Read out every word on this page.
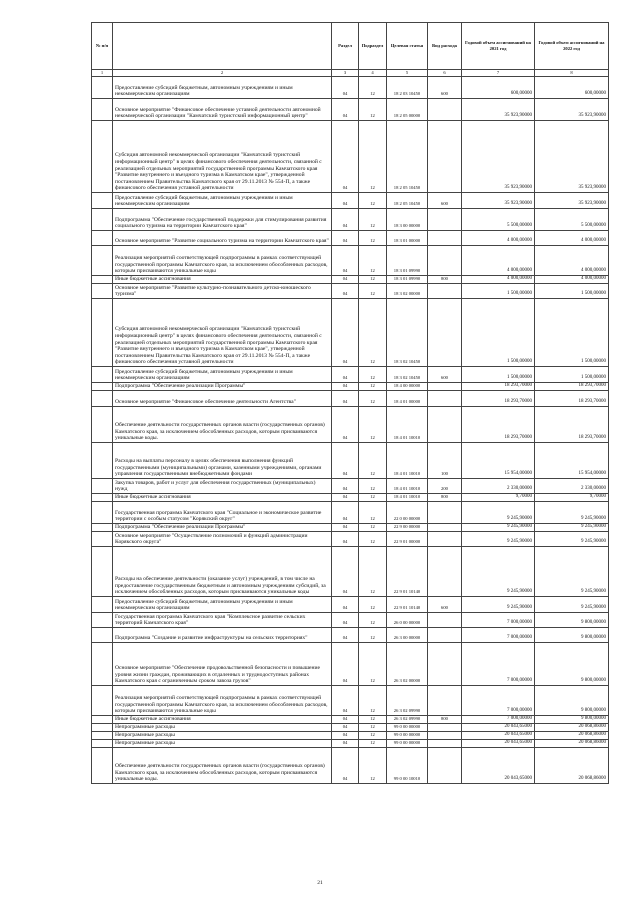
№ п/п		Раздел	Подраздел	Целевая статья	Вид расхода	Годовой объем ассигнований на 2021 год	Годовой объем ассигнований на 2022 год
1	2	3	4	5	6	7	8
	Предоставление субсидий бюджетным, автономным учреждениям и иным некоммерческим организациям	04	12	18 2 03 10450	600	600,00000	600,00000
	Основное мероприятие "Финансовое обеспечение уставной деятельности автономной некоммерческой организации "Камчатский туристский информационный центр"	04	12	18 2 05 00000		35 923,90000	35 923,90000
	Субсидия автономной некоммерческой организации "Камчатский туристский информационный центр" в целях финансового обеспечения деятельности, связанной с реализацией отдельных мероприятий государственной программы Камчатского края "Развитие внутреннего и въездного туризма в Камчатском крае", утвержденной постановлением Правительства Камчатского края от 29.11.2013 № 554-П, а также финансового обеспечения уставной деятельности	04	12	18 2 05 10450		35 923,90000	35 923,90000
	Предоставление субсидий бюджетным, автономным учреждениям и иным некоммерческим организациям	04	12	18 2 05 10450	600	35 923,90000	35 923,90000
	Подпрограмма "Обеспечение государственной поддержки для стимулирования развития социального туризма на территории Камчатского края"	04	12	18 3 00 00000		5 500,00000	5 500,00000
	Основное мероприятие "Развитие социального туризма на территории Камчатского края"	04	12	18 3 01 00000		4 000,00000	4 000,00000
	Реализация мероприятий соответствующей подпрограммы в рамках соответствующей государственной программы Камчатского края, за исключением обособленных расходов, которым присваиваются уникальные коды	04	12	18 3 01 09990		4 000,00000	4 000,00000
	Иные бюджетные ассигнования	04	12	18 3 01 09990	800	4 000,00000	4 000,00000
	Основное мероприятие "Развитие культурно-познавательного детско-юношеского туризма"	04	12	18 3 02 00000		1 500,00000	1 500,00000
	Субсидия автономной некоммерческой организации "Камчатский туристский информационный центр" в целях финансового обеспечения деятельности, связанной с реализацией отдельных мероприятий государственной программы Камчатского края "Развитие внутреннего и въездного туризма в Камчатском крае", утвержденной постановлением Правительства Камчатского края от 29.11.2013 № 554-П, а также финансового обеспечения уставной деятельности	04	12	18 3 02 10450		1 500,00000	1 500,00000
	Предоставление субсидий бюджетным, автономным учреждениям и иным некоммерческим организациям	04	12	18 3 02 10450	600	1 500,00000	1 500,00000
	Подпрограмма "Обеспечение реализации Программы"	04	12	18 4 00 00000		18 293,70000	18 293,70000
	Основное мероприятие "Финансовое обеспечение деятельности Агентства"	04	12	18 4 01 00000		18 293,70000	18 293,70000
	Обеспечение деятельности государственных органов власти (государственных органов) Камчатского края, за исключением обособленных расходов, которым присваиваются уникальные коды.	04	12	18 4 01 10010		18 293,70000	18 293,70000
	Расходы на выплаты персоналу в целях обеспечения выполнения функций государственными (муниципальными) органами, казенными учреждениями, органами управления государственными внебюджетными фондами	04	12	18 4 01 10010	100	15 954,00000	15 954,00000
	Закупка товаров, работ и услуг для обеспечения государственных (муниципальных) нужд	04	12	18 4 01 10010	200	2 330,00000	2 330,00000
	Иные бюджетные ассигнования	04	12	18 4 01 10010	800	9,70000	9,70000
	Государственная программа Камчатского края "Социальное и экономическое развитие территории с особым статусом "Корякский округ"	04	12	22 0 00 00000		9 245,90000	9 245,90000
	Подпрограмма "Обеспечение реализации Программы"	04	12	22 9 00 00000		9 245,90000	9 245,90000
	Основное мероприятие "Осуществление полномочий и функций администрации Корякского округа"	04	12	22 9 01 00000		9 245,90000	9 245,90000
	Расходы на обеспечение деятельности (оказание услуг) учреждений, в том числе на предоставление государственным бюджетным и автономным учреждениям субсидий, за исключением обособленных расходов, которым присваиваются уникальные коды	04	12	22 9 01 10140		9 245,90000	9 245,90000
	Предоставление субсидий бюджетным, автономным учреждениям и иным некоммерческим организациям	04	12	22 9 01 10140	600	9 245,90000	9 245,90000
	Государственная программа Камчатского края "Комплексное развитие сельских территорий Камчатского края"	04	12	26 0 00 00000		7 000,00000	9 800,00000
	Подпрограмма "Создание и развитие инфраструктуры на сельских территориях"	04	12	26 3 00 00000		7 000,00000	9 800,00000
	Основное мероприятие "Обеспечение продовольственной безопасности и повышение уровня жизни граждан, проживающих в отдаленных и труднодоступных районах Камчатского края с ограниченным сроком завоза грузов"	04	12	26 3 02 00000		7 000,00000	9 800,00000
	Реализация мероприятий соответствующей подпрограммы в рамках соответствующей государственной программы Камчатского края, за исключением обособленных расходов, которым присваиваются уникальные коды	04	12	26 3 02 09990		7 000,00000	9 800,00000
	Иные бюджетные ассигнования	04	12	26 3 02 09990	800	7 000,00000	9 800,00000
	Непрограммные расходы	04	12	99 0 00 00000		20 043,65000	20 068,86000
	Непрограммные расходы	04	12	99 0 00 00000		20 043,65000	20 068,86000
	Непрограммные расходы	04	12	99 0 00 00000		20 043,65000	20 068,86000
	Обеспечение деятельности государственных органов власти (государственных органов) Камчатского края, за исключением обособленных расходов, которым присваиваются уникальные коды.	04	12	99 0 00 10010		20 043,65000	20 068,86000
21
